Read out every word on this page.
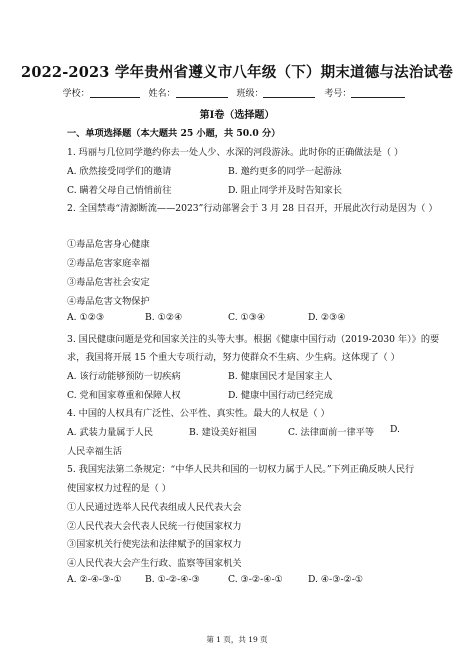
2022-2023 学年贵州省遵义市八年级（下）期末道德与法治试卷
学校：	姓名：	班级：	考号：
第Ⅰ卷（选择题）
一、单项选择题（本大题共 25 小题，共 50.0 分）
1. 玛丽与几位同学邀约你去一处人少、水深的河段游泳。此时你的正确做法是（ ）
A. 欣然接受同学们的邀请	B. 邀约更多的同学一起游泳
C. 瞒着父母自己悄悄前往	D. 阻止同学并及时告知家长
2. 全国禁毒“清源断流——2023”行动部署会于 3 月 28 日召开，开展此次行动是因为（ ）
①毒品危害身心健康
②毒品危害家庭幸福
③毒品危害社会安定
④毒品危害文物保护
A. ①②③	B. ①②④	C. ①③④	D. ②③④
3. 国民健康问题是党和国家关注的头等大事。根据《健康中国行动（2019-2030 年）》的要
求，我国将开展 15 个重大专项行动，努力使群众不生病、少生病。这体现了（ ）
A. 该行动能够预防一切疾病	B. 健康国民才是国家主人
C. 党和国家尊重和保障人权	D. 健康中国行动已经完成
4. 中国的人权具有广泛性、公平性、真实性。最大的人权是（ ）
A. 武装力量属于人民	B. 建设美好祖国	C. 法律面前一律平等 D.
人民幸福生活
5. 我国宪法第二条规定：“中华人民共和国的一切权力属于人民。”下列正确反映人民行
使国家权力过程的是（ ）
①人民通过选举人民代表组成人民代表大会
②人民代表大会代表人民统一行使国家权力
③国家机关行使宪法和法律赋予的国家权力
④人民代表大会产生行政、监察等国家机关
A. ②-④-③-①	B. ①-②-④-③	C. ③-②-④-①	D. ④-③-②-①
第 1 页，共 19 页
